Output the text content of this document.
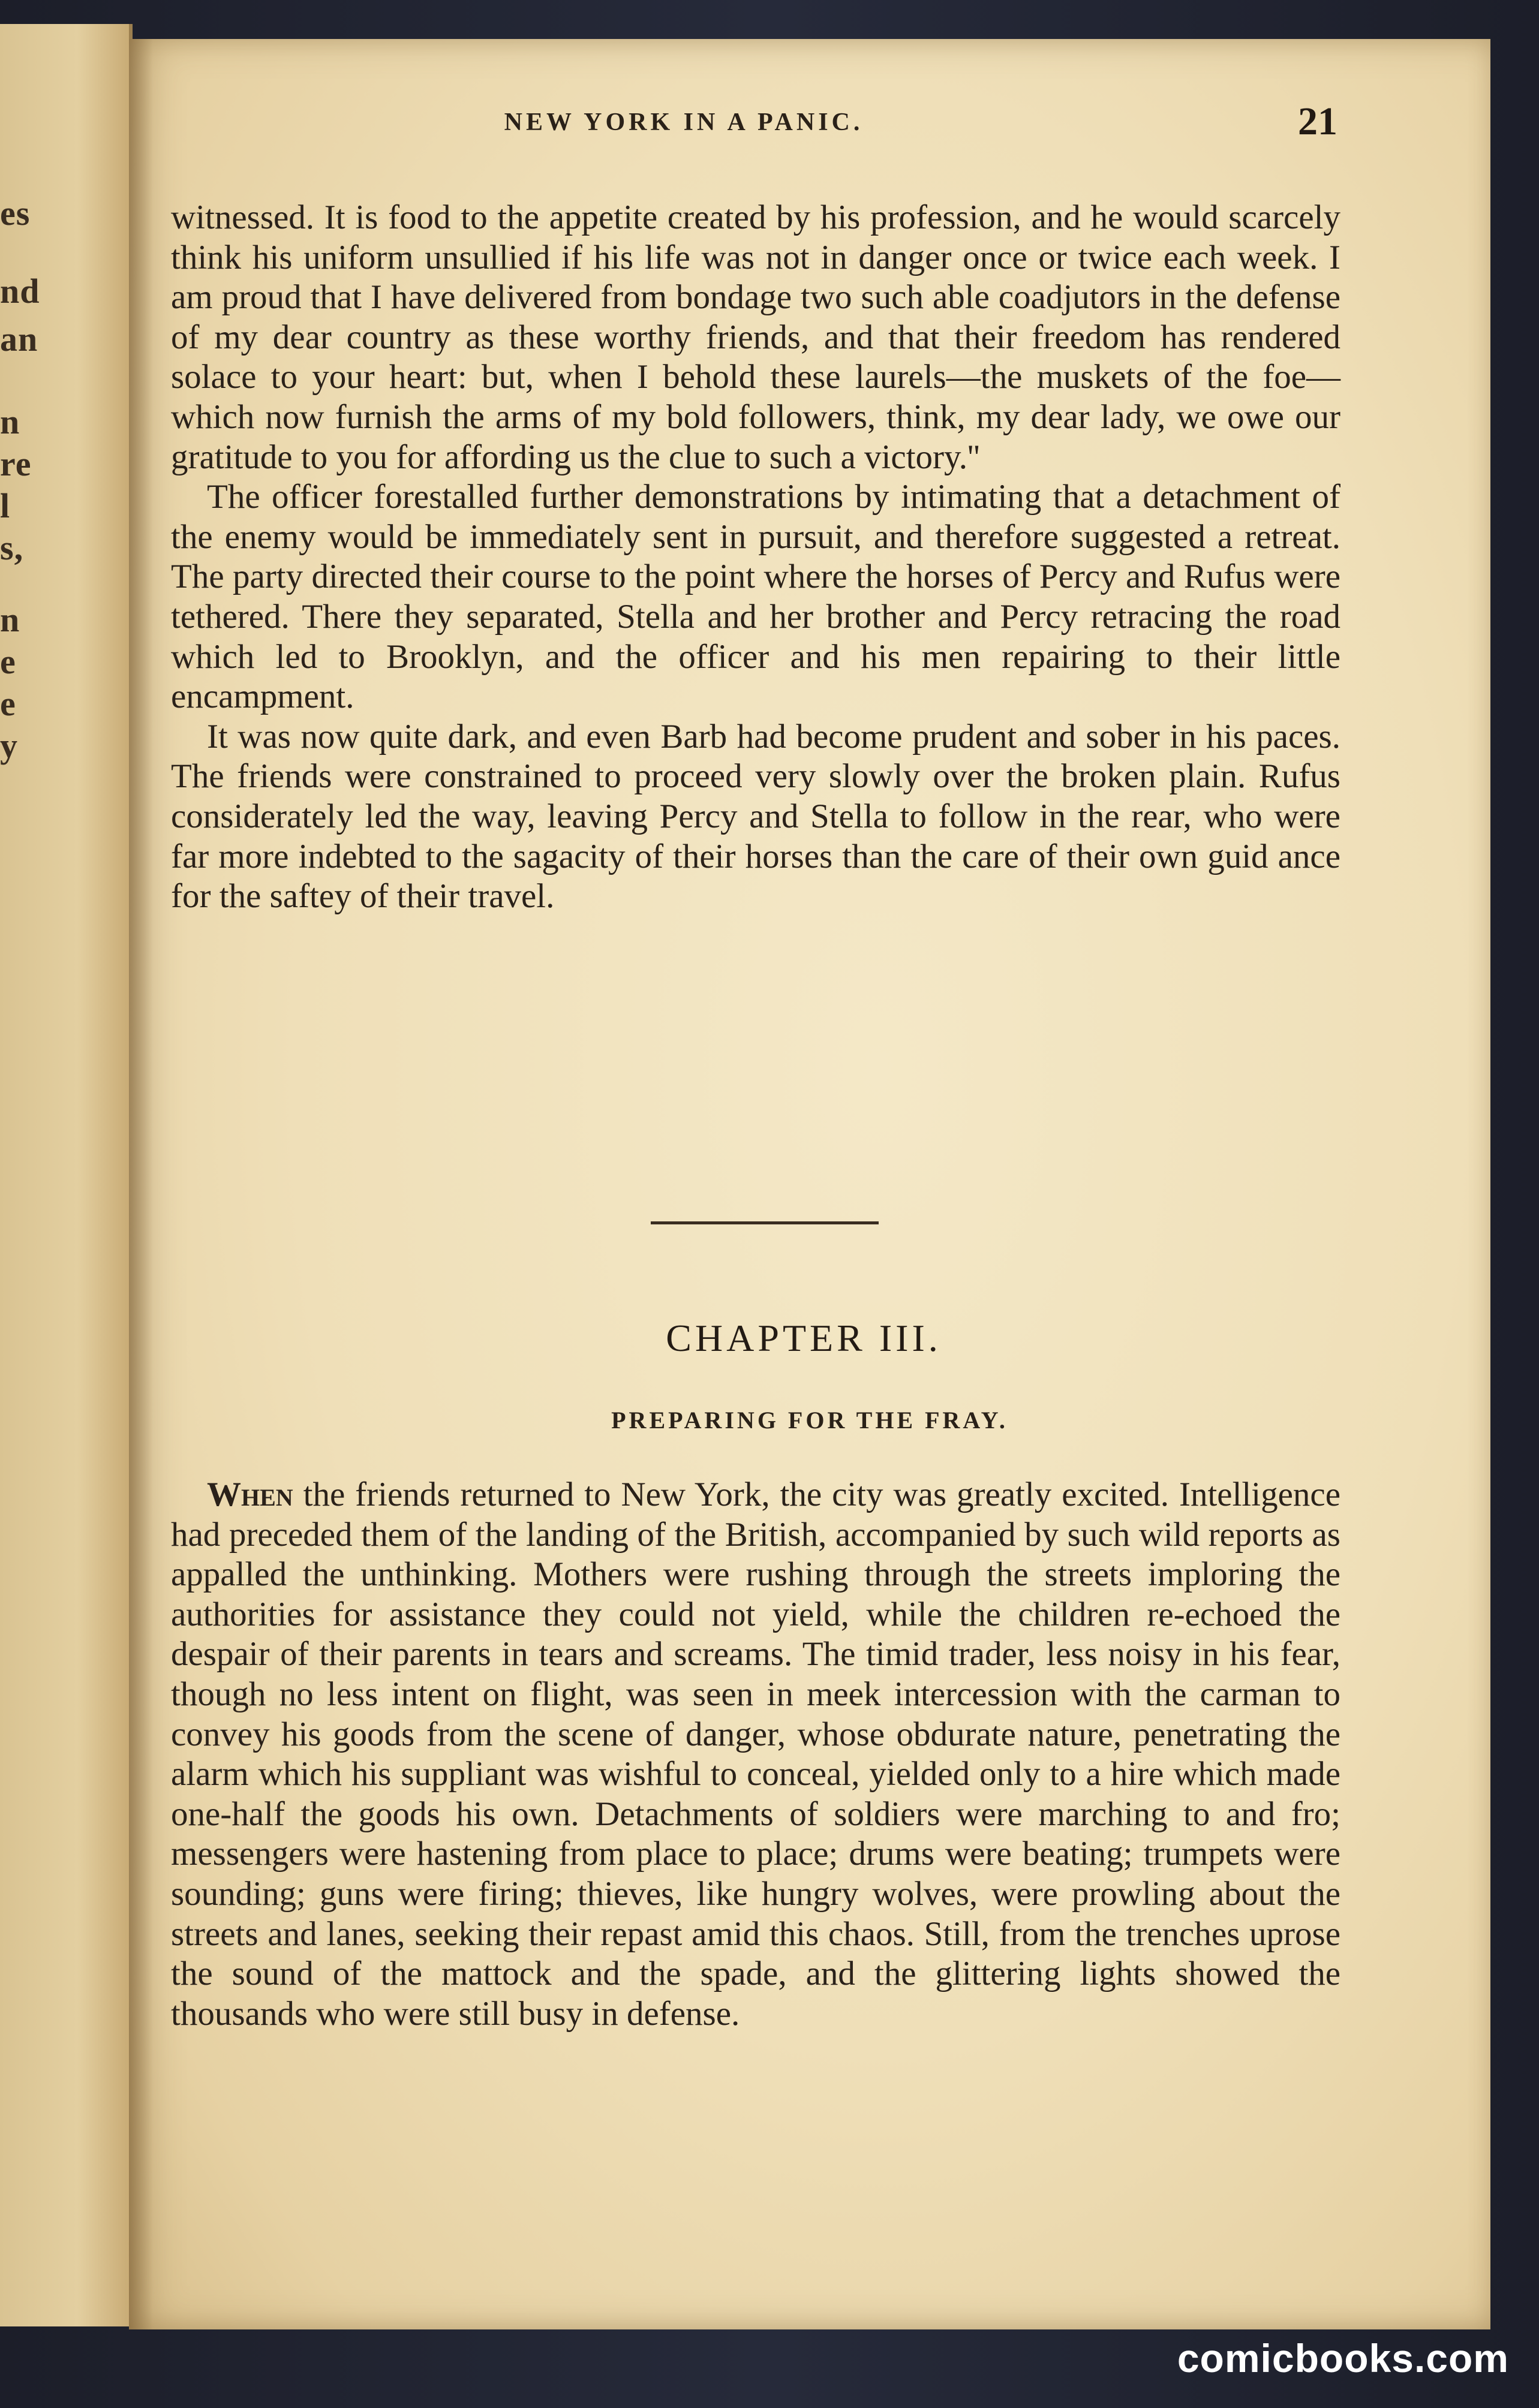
es
nd
an
n
re
l
s,
n
e
e
y
NEW YORK IN A PANIC.	21

witnessed. It is food to the appetite created by his profession, and he would scarcely think his uniform unsullied if his life was not in danger once or twice each week. I am proud that I have delivered from bondage two such able coadjutors in the defense of my dear country as these worthy friends, and that their freedom has rendered solace to your heart: but, when I behold these laurels—the muskets of the foe—which now furnish the arms of my bold followers, think, my dear lady, we owe our gratitude to you for affording us the clue to such a victory.''

The officer forestalled further demonstrations by intimating that a detachment of the enemy would be immediately sent in pursuit, and therefore suggested a retreat. The party directed their course to the point where the horses of Percy and Rufus were tethered. There they separated, Stella and her brother and Percy retracing the road which led to Brooklyn, and the officer and his men repairing to their little encampment.

It was now quite dark, and even Barb had become prudent and sober in his paces. The friends were constrained to proceed very slowly over the broken plain. Rufus considerately led the way, leaving Percy and Stella to follow in the rear, who were far more indebted to the sagacity of their horses than the care of their own guid ance for the saftey of their travel.

CHAPTER III.
PREPARING FOR THE FRAY.

When the friends returned to New York, the city was greatly excited. Intelligence had preceded them of the landing of the British, accompanied by such wild reports as appalled the unthinking. Mothers were rushing through the streets imploring the authorities for assistance they could not yield, while the children re-echoed the despair of their parents in tears and screams. The timid trader, less noisy in his fear, though no less intent on flight, was seen in meek intercession with the carman to convey his goods from the scene of danger, whose obdurate nature, penetrating the alarm which his suppliant was wishful to conceal, yielded only to a hire which made one-half the goods his own. Detachments of soldiers were marching to and fro; messengers were hastening from place to place; drums were beating; trumpets were sounding; guns were firing; thieves, like hungry wolves, were prowling about the streets and lanes, seeking their repast amid this chaos. Still, from the trenches uprose the sound of the mattock and the spade, and the glittering lights showed the thousands who were still busy in defense.

comicbooks.com
